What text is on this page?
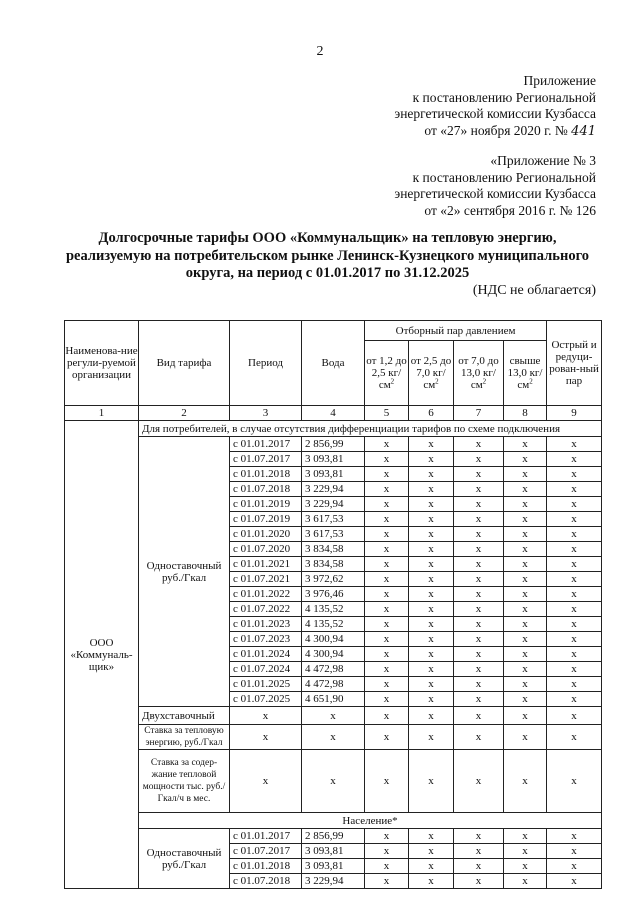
2
Приложение
к постановлению Региональной
энергетической комиссии Кузбасса
от «27» ноября 2020 г. № 441
«Приложение № 3
к постановлению Региональной
энергетической комиссии Кузбасса
от «2» сентября 2016 г. № 126
Долгосрочные тарифы ООО «Коммунальщик» на тепловую энергию,
реализуемую на потребительском рынке Ленинск-Кузнецкого муниципального
округа, на период с 01.01.2017 по 31.12.2025
(НДС не облагается)
Наименова-ние регули-руемой организации	Вид тарифа	Период	Вода	Отборный пар давлением				Острый и редуци-рован-ный пар
				от 1,2 до 2,5 $кг/см^2$	от 2,5 до 7,0 $кг/см^2$	от 7,0 до 13,0 $кг/см^2$	свыше 13,0 $кг/см^2$
1	2	3	4	5	6	7	8	9
ООО «Коммуналь-щик»	Для потребителей, в случае отсутствия дифференциации тарифов по схеме подключения							
	Одноставочный руб./Гкал	с 01.01.2017	2 856,99	x	x	x	x	x
		с 01.07.2017	3 093,81	x	x	x	x	x
		с 01.01.2018	3 093,81	x	x	x	x	x
		с 01.07.2018	3 229,94	x	x	x	x	x
		с 01.01.2019	3 229,94	x	x	x	x	x
		с 01.07.2019	3 617,53	x	x	x	x	x
		с 01.01.2020	3 617,53	x	x	x	x	x
		с 01.07.2020	3 834,58	x	x	x	x	x
		с 01.01.2021	3 834,58	x	x	x	x	x
		с 01.07.2021	3 972,62	x	x	x	x	x
		с 01.01.2022	3 976,46	x	x	x	x	x
		с 01.07.2022	4 135,52	x	x	x	x	x
		с 01.01.2023	4 135,52	x	x	x	x	x
		с 01.07.2023	4 300,94	x	x	x	x	x
		с 01.01.2024	4 300,94	x	x	x	x	x
		с 01.07.2024	4 472,98	x	x	x	x	x
		с 01.01.2025	4 472,98	x	x	x	x	x
		с 01.07.2025	4 651,90	x	x	x	x	x
	Двухставочный	x	x	x	x	x	x	x
	Ставка за тепловую энергию, руб./Гкал	x	x	x	x	x	x	x
	Ставка за содер-жание тепловой мощности тыс. руб./Гкал/ч в мес.	x	x	x	x	x	x	x
	Население*							
	Одноставочный руб./Гкал	с 01.01.2017	2 856,99	x	x	x	x	x
		с 01.07.2017	3 093,81	x	x	x	x	x
		с 01.01.2018	3 093,81	x	x	x	x	x
		с 01.07.2018	3 229,94	x	x	x	x	x
